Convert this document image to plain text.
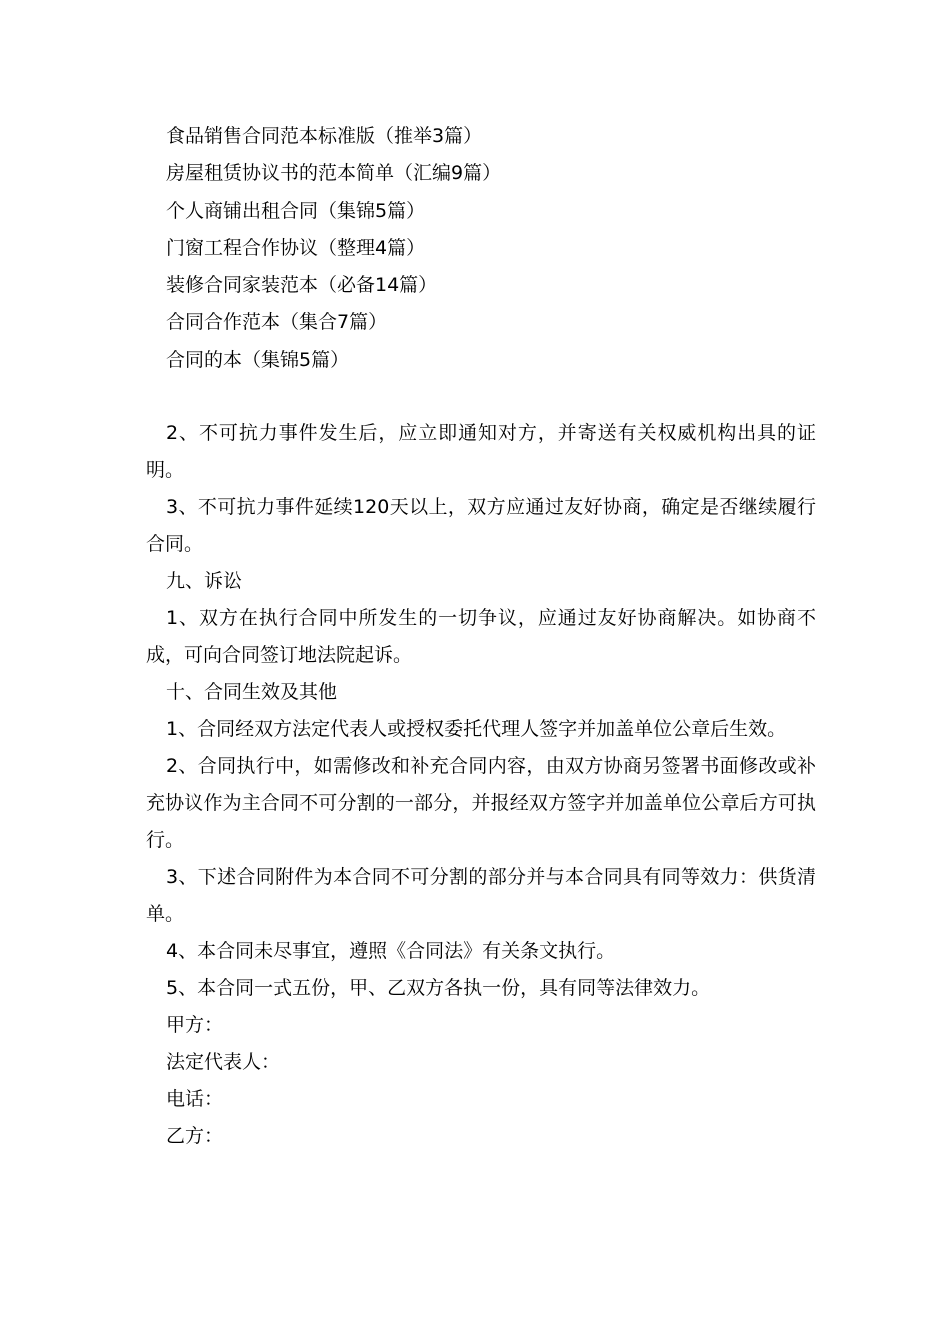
食品销售合同范本标准版（推举3篇）
房屋租赁协议书的范本简单（汇编9篇）
个人商铺出租合同（集锦5篇）
门窗工程合作协议（整理4篇）
装修合同家装范本（必备14篇）
合同合作范本（集合7篇）
合同的本（集锦5篇）

2、不可抗力事件发生后，应立即通知对方，并寄送有关权威机构出具的证明。

3、不可抗力事件延续120天以上，双方应通过友好协商，确定是否继续履行合同。

九、诉讼

1、双方在执行合同中所发生的一切争议，应通过友好协商解决。如协商不成，可向合同签订地法院起诉。

十、合同生效及其他

1、合同经双方法定代表人或授权委托代理人签字并加盖单位公章后生效。

2、合同执行中，如需修改和补充合同内容，由双方协商另签署书面修改或补充协议作为主合同不可分割的一部分，并报经双方签字并加盖单位公章后方可执行。

3、下述合同附件为本合同不可分割的部分并与本合同具有同等效力：供货清单。

4、本合同未尽事宜，遵照《合同法》有关条文执行。

5、本合同一式五份，甲、乙双方各执一份，具有同等法律效力。

甲方：

法定代表人：

电话：

乙方：
